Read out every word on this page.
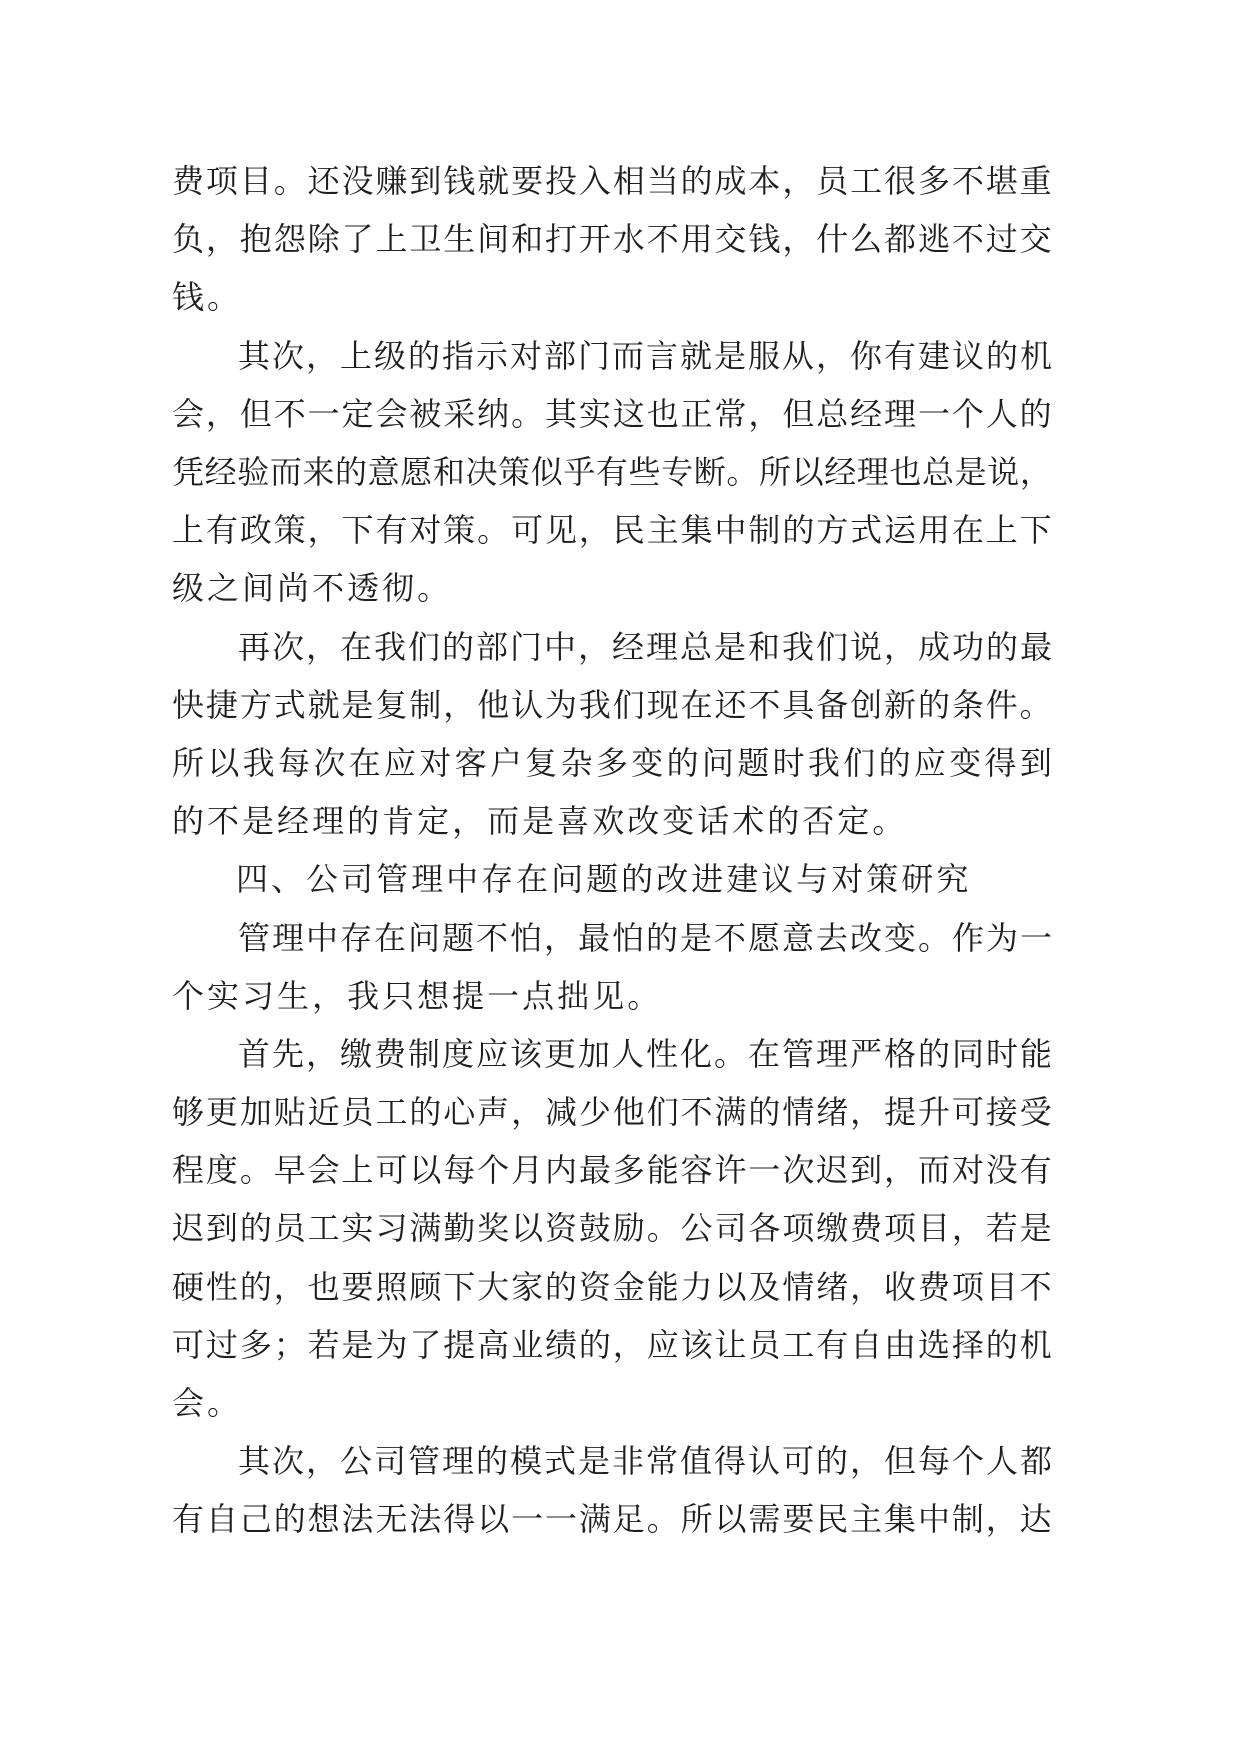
费 项 目 。 还 没 赚 到 钱 就 要 投 入 相 当 的 成 本 ， 员 工 很 多 不 堪 重
负 ， 抱 怨 除 了 上 卫 生 间 和 打 开 水 不 用 交 钱 ， 什 么 都 逃 不 过 交
钱 。
其 次 ， 上 级 的 指 示 对 部 门 而 言 就 是 服 从 ， 你 有 建 议 的 机
会 ， 但 不 一 定 会 被 采 纳 。 其 实 这 也 正 常 ， 但 总 经 理 一 个 人 的
凭 经 验 而 来 的 意 愿 和 决 策 似 乎 有 些 专 断 。 所 以 经 理 也 总 是 说 ，
上 有 政 策 ， 下 有 对 策 。 可 见 ， 民 主 集 中 制 的 方 式 运 用 在 上 下
级 之 间 尚 不 透 彻 。
再 次 ， 在 我 们 的 部 门 中 ， 经 理 总 是 和 我 们 说 ， 成 功 的 最
快 捷 方 式 就 是 复 制 ， 他 认 为 我 们 现 在 还 不 具 备 创 新 的 条 件 。
所 以 我 每 次 在 应 对 客 户 复 杂 多 变 的 问 题 时 我 们 的 应 变 得 到
的 不 是 经 理 的 肯 定 ， 而 是 喜 欢 改 变 话 术 的 否 定 。
四 、 公 司 管 理 中 存 在 问 题 的 改 进 建 议 与 对 策 研 究
管 理 中 存 在 问 题 不 怕 ， 最 怕 的 是 不 愿 意 去 改 变 。 作 为 一
个 实 习 生 ， 我 只 想 提 一 点 拙 见 。
首 先 ， 缴 费 制 度 应 该 更 加 人 性 化 。 在 管 理 严 格 的 同 时 能
够 更 加 贴 近 员 工 的 心 声 ， 减 少 他 们 不 满 的 情 绪 ， 提 升 可 接 受
程 度 。 早 会 上 可 以 每 个 月 内 最 多 能 容 许 一 次 迟 到 ， 而 对 没 有
迟 到 的 员 工 实 习 满 勤 奖 以 资 鼓 励 。 公 司 各 项 缴 费 项 目 ， 若 是
硬 性 的 ， 也 要 照 顾 下 大 家 的 资 金 能 力 以 及 情 绪 ， 收 费 项 目 不
可 过 多 ； 若 是 为 了 提 高 业 绩 的 ， 应 该 让 员 工 有 自 由 选 择 的 机
会 。
其 次 ， 公 司 管 理 的 模 式 是 非 常 值 得 认 可 的 ， 但 每 个 人 都
有 自 己 的 想 法 无 法 得 以 一 一 满 足 。 所 以 需 要 民 主 集 中 制 ， 达
